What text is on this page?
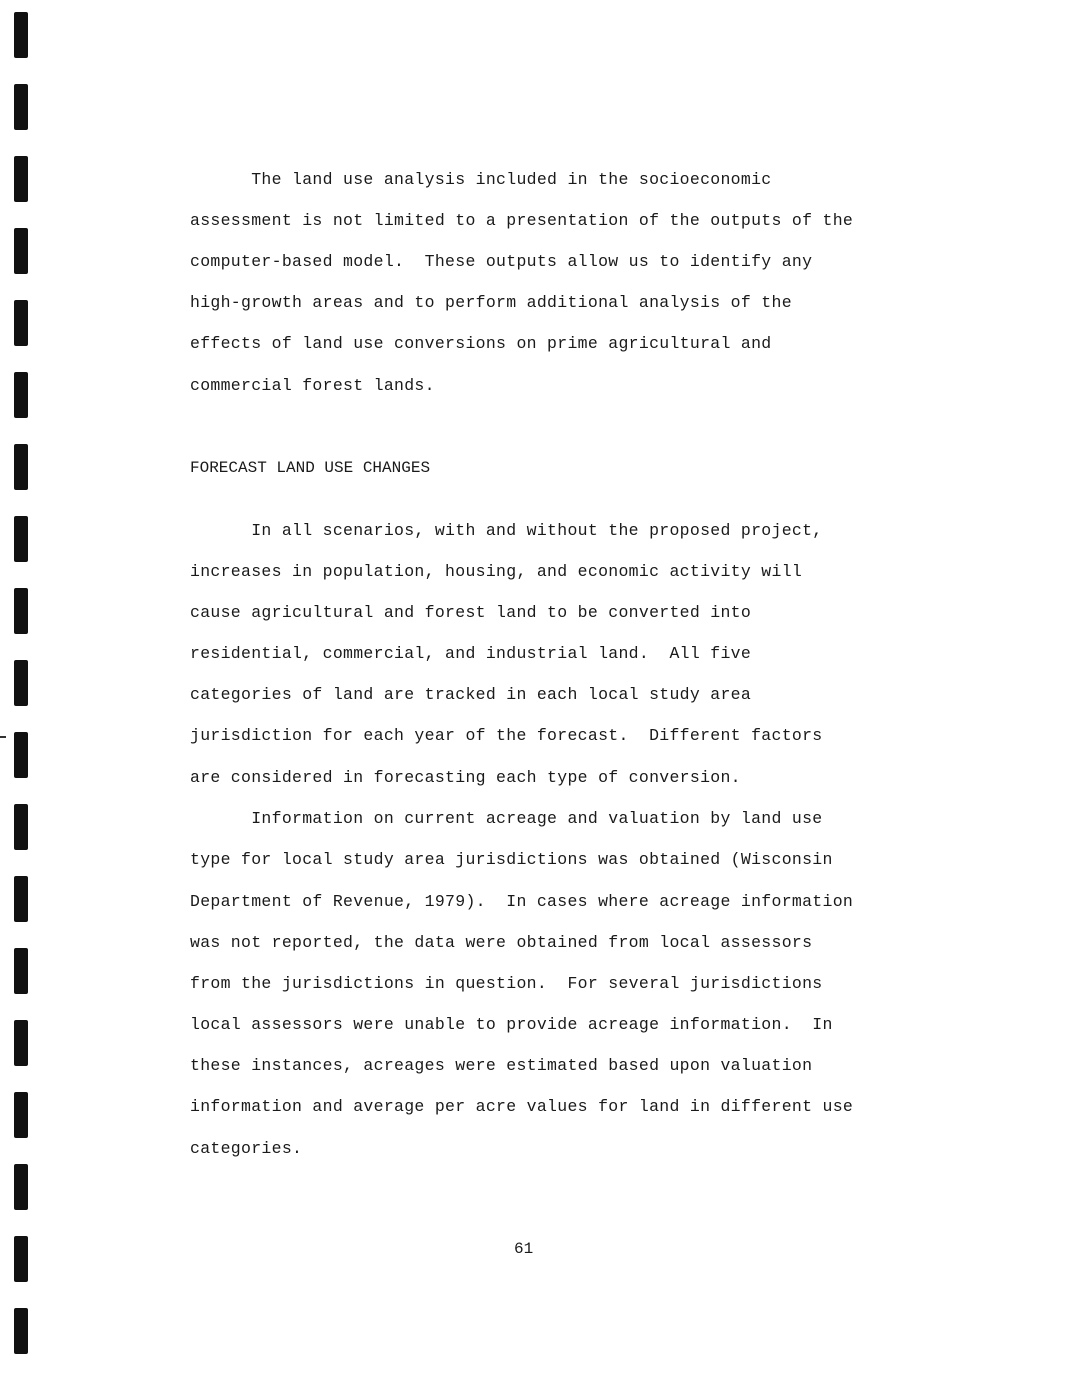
The land use analysis included in the socioeconomic
assessment is not limited to a presentation of the outputs of the
computer-based model.  These outputs allow us to identify any
high-growth areas and to perform additional analysis of the
effects of land use conversions on prime agricultural and
commercial forest lands.
FORECAST LAND USE CHANGES
In all scenarios, with and without the proposed project,
increases in population, housing, and economic activity will
cause agricultural and forest land to be converted into
residential, commercial, and industrial land.  All five
categories of land are tracked in each local study area
jurisdiction for each year of the forecast.  Different factors
are considered in forecasting each type of conversion.
Information on current acreage and valuation by land use
type for local study area jurisdictions was obtained (Wisconsin
Department of Revenue, 1979).  In cases where acreage information
was not reported, the data were obtained from local assessors
from the jurisdictions in question.  For several jurisdictions
local assessors were unable to provide acreage information.  In
these instances, acreages were estimated based upon valuation
information and average per acre values for land in different use
categories.
61
